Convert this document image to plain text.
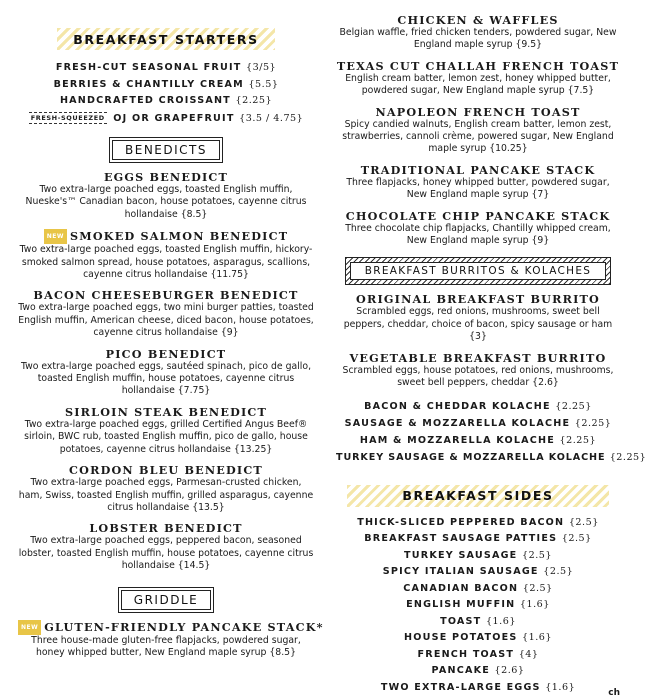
BREAKFAST STARTERS
FRESH-CUT SEASONAL FRUIT {3/5}
BERRIES & CHANTILLY CREAM {5.5}
HANDCRAFTED CROISSANT {2.25}
FRESH-SQUEEZED OJ OR GRAPEFRUIT {3.5 / 4.75}
BENEDICTS
EGGS BENEDICT

Two extra-large poached eggs, toasted English muffin, Nueske's™ Canadian bacon, house potatoes, cayenne citrus hollandaise {8.5}

NEW SMOKED SALMON BENEDICT

Two extra-large poached eggs, toasted English muffin, hickory-smoked salmon spread, house potatoes, asparagus, scallions, cayenne citrus hollandaise {11.75}

BACON CHEESEBURGER BENEDICT

Two extra-large poached eggs, two mini burger patties, toasted English muffin, American cheese, diced bacon, house potatoes, cayenne citrus hollandaise {9}

PICO BENEDICT

Two extra-large poached eggs, sautéed spinach, pico de gallo, toasted English muffin, house potatoes, cayenne citrus hollandaise {7.75}

SIRLOIN STEAK BENEDICT

Two extra-large poached eggs, grilled Certified Angus Beef® sirloin, BWC rub, toasted English muffin, pico de gallo, house potatoes, cayenne citrus hollandaise {13.25}

CORDON BLEU BENEDICT

Two extra-large poached eggs, Parmesan-crusted chicken, ham, Swiss, toasted English muffin, grilled asparagus, cayenne citrus hollandaise {13.5}

LOBSTER BENEDICT

Two extra-large poached eggs, peppered bacon, seasoned lobster, toasted English muffin, house potatoes, cayenne citrus hollandaise {14.5}

GRIDDLE
NEW GLUTEN-FRIENDLY PANCAKE STACK*

Three house-made gluten-free flapjacks, powdered sugar, honey whipped butter, New England maple syrup {8.5}

CHICKEN & WAFFLES

Belgian waffle, fried chicken tenders, powdered sugar, New England maple syrup {9.5}

TEXAS CUT CHALLAH FRENCH TOAST

English cream batter, lemon zest, honey whipped butter, powdered sugar, New England maple syrup {7.5}

NAPOLEON FRENCH TOAST

Spicy candied walnuts, English cream batter, lemon zest, strawberries, cannoli crème, powered sugar, New England maple syrup {10.25}

TRADITIONAL PANCAKE STACK

Three flapjacks, honey whipped butter, powdered sugar, New England maple syrup {7}

CHOCOLATE CHIP PANCAKE STACK

Three chocolate chip flapjacks, Chantilly whipped cream, New England maple syrup {9}

BREAKFAST BURRITOS & KOLACHES
ORIGINAL BREAKFAST BURRITO

Scrambled eggs, red onions, mushrooms, sweet bell peppers, cheddar, choice of bacon, spicy sausage or ham {3}

VEGETABLE BREAKFAST BURRITO

Scrambled eggs, house potatoes, red onions, mushrooms, sweet bell peppers, cheddar {2.6}

BACON & CHEDDAR KOLACHE {2.25}
SAUSAGE & MOZZARELLA KOLACHE {2.25}
HAM & MOZZARELLA KOLACHE {2.25}
TURKEY SAUSAGE & MOZZARELLA KOLACHE {2.25}
BREAKFAST SIDES
THICK-SLICED PEPPERED BACON {2.5}
BREAKFAST SAUSAGE PATTIES {2.5}
TURKEY SAUSAGE {2.5}
SPICY ITALIAN SAUSAGE {2.5}
CANADIAN BACON {2.5}
ENGLISH MUFFIN {1.6}
TOAST {1.6}
HOUSE POTATOES {1.6}
FRENCH TOAST {4}
PANCAKE {2.6}
TWO EXTRA-LARGE EGGS {1.6}
ch
